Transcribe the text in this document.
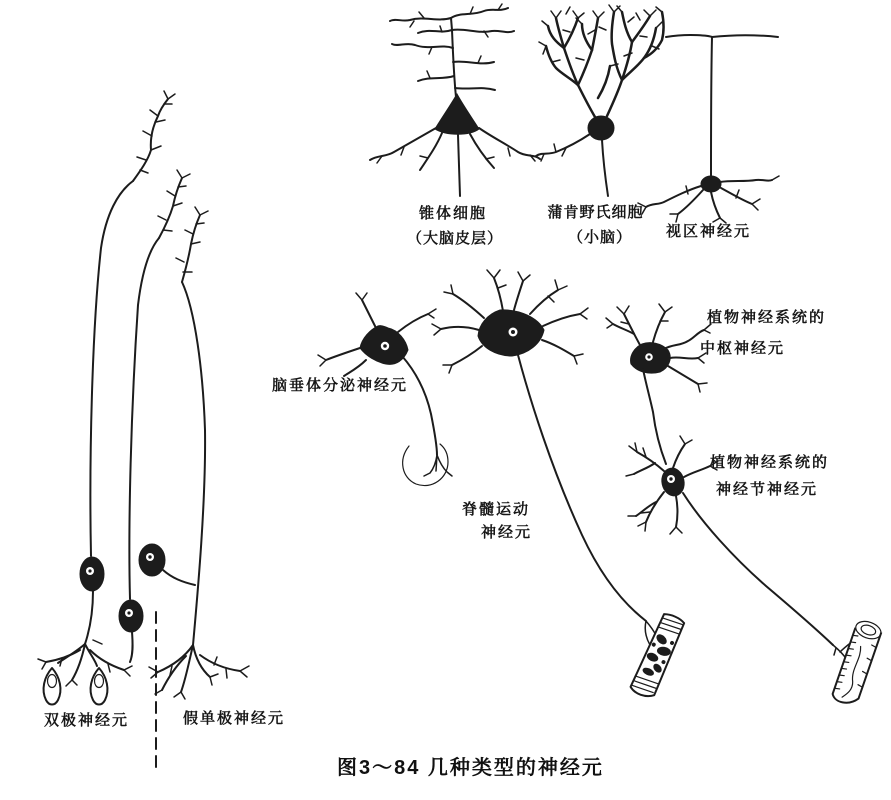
锥体细胞
（大脑皮层）
蒲肯野氏细胞
（小脑）	视区神经元
脑垂体分泌神经元
脊髓运动
神经元
植物神经系统的
中枢神经元
植物神经系统的
神经节神经元
双极神经元	假单极神经元
图3～84 几种类型的神经元
